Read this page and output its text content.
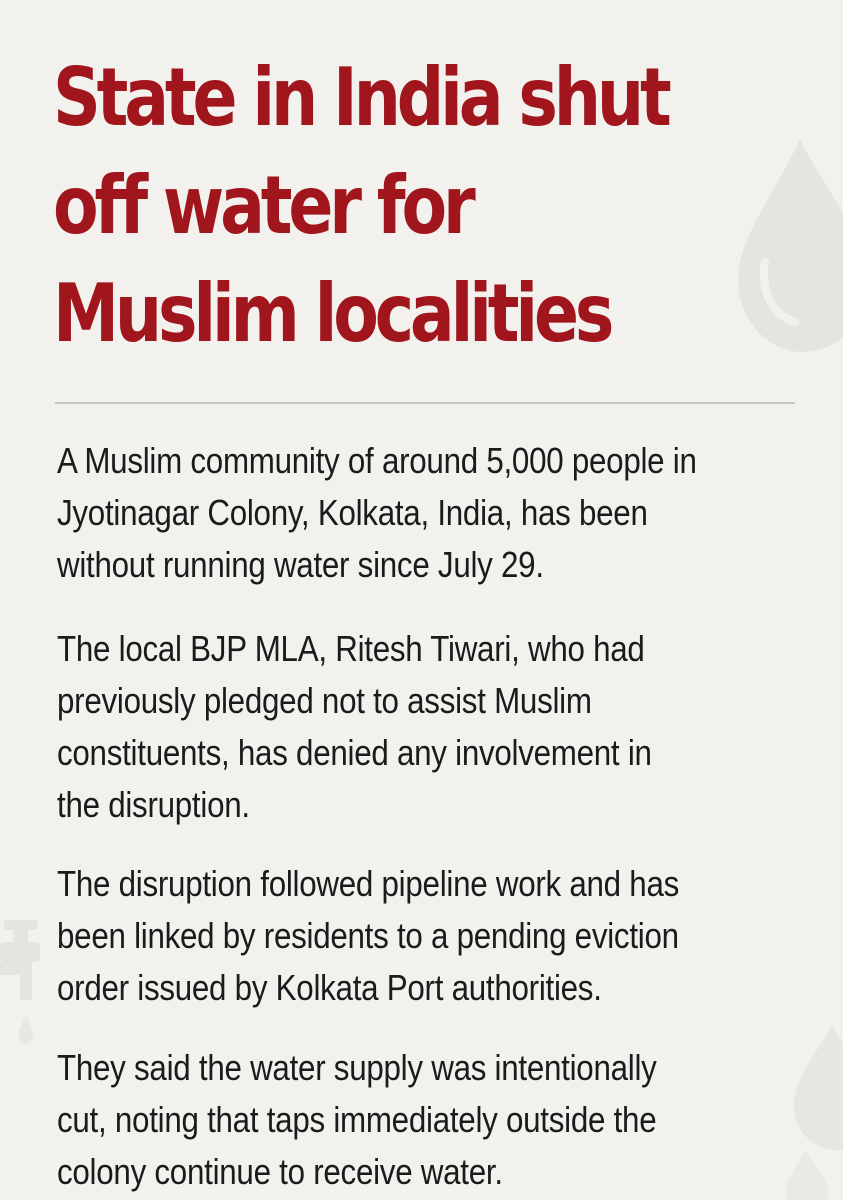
State in India shut
off water for
Muslim localities

A Muslim community of around 5,000 people in
Jyotinagar Colony, Kolkata, India, has been
without running water since July 29.

The local BJP MLA, Ritesh Tiwari, who had
previously pledged not to assist Muslim
constituents, has denied any involvement in
the disruption.

The disruption followed pipeline work and has
been linked by residents to a pending eviction
order issued by Kolkata Port authorities.

They said the water supply was intentionally
cut, noting that taps immediately outside the
colony continue to receive water.
